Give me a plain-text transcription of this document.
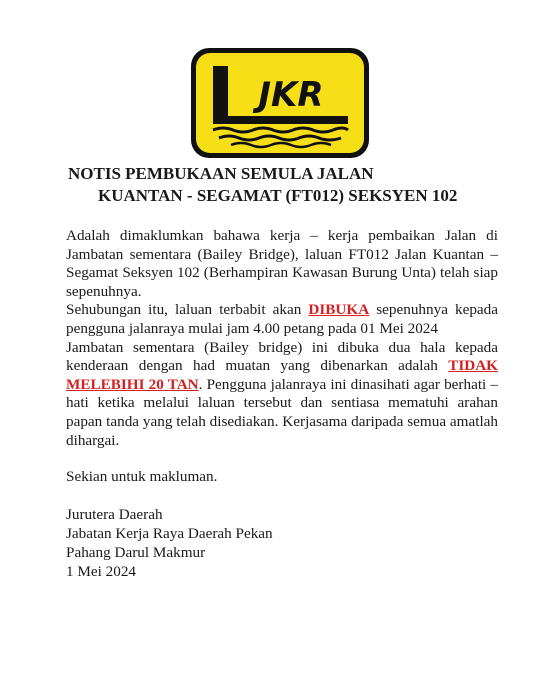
JKR
NOTIS PEMBUKAAN SEMULA JALAN
KUANTAN - SEGAMAT (FT012) SEKSYEN 102

Adalah dimaklumkan bahawa kerja – kerja pembaikan Jalan di Jambatan sementara (Bailey Bridge), laluan FT012 Jalan Kuantan – Segamat Seksyen 102 (Berhampiran Kawasan Burung Unta) telah siap sepenuhnya.

Sehubungan itu, laluan terbabit akan DIBUKA sepenuhnya kepada pengguna jalanraya mulai jam 4.00 petang pada 01 Mei 2024

Jambatan sementara (Bailey bridge) ini dibuka dua hala kepada kenderaan dengan had muatan yang dibenarkan adalah TIDAK MELEBIHI 20 TAN. Pengguna jalanraya ini dinasihati agar berhati – hati ketika melalui laluan tersebut dan sentiasa mematuhi arahan papan tanda yang telah disediakan. Kerjasama daripada semua amatlah dihargai.

Sekian untuk makluman.

Jurutera Daerah
Jabatan Kerja Raya Daerah Pekan
Pahang Darul Makmur
1 Mei 2024
